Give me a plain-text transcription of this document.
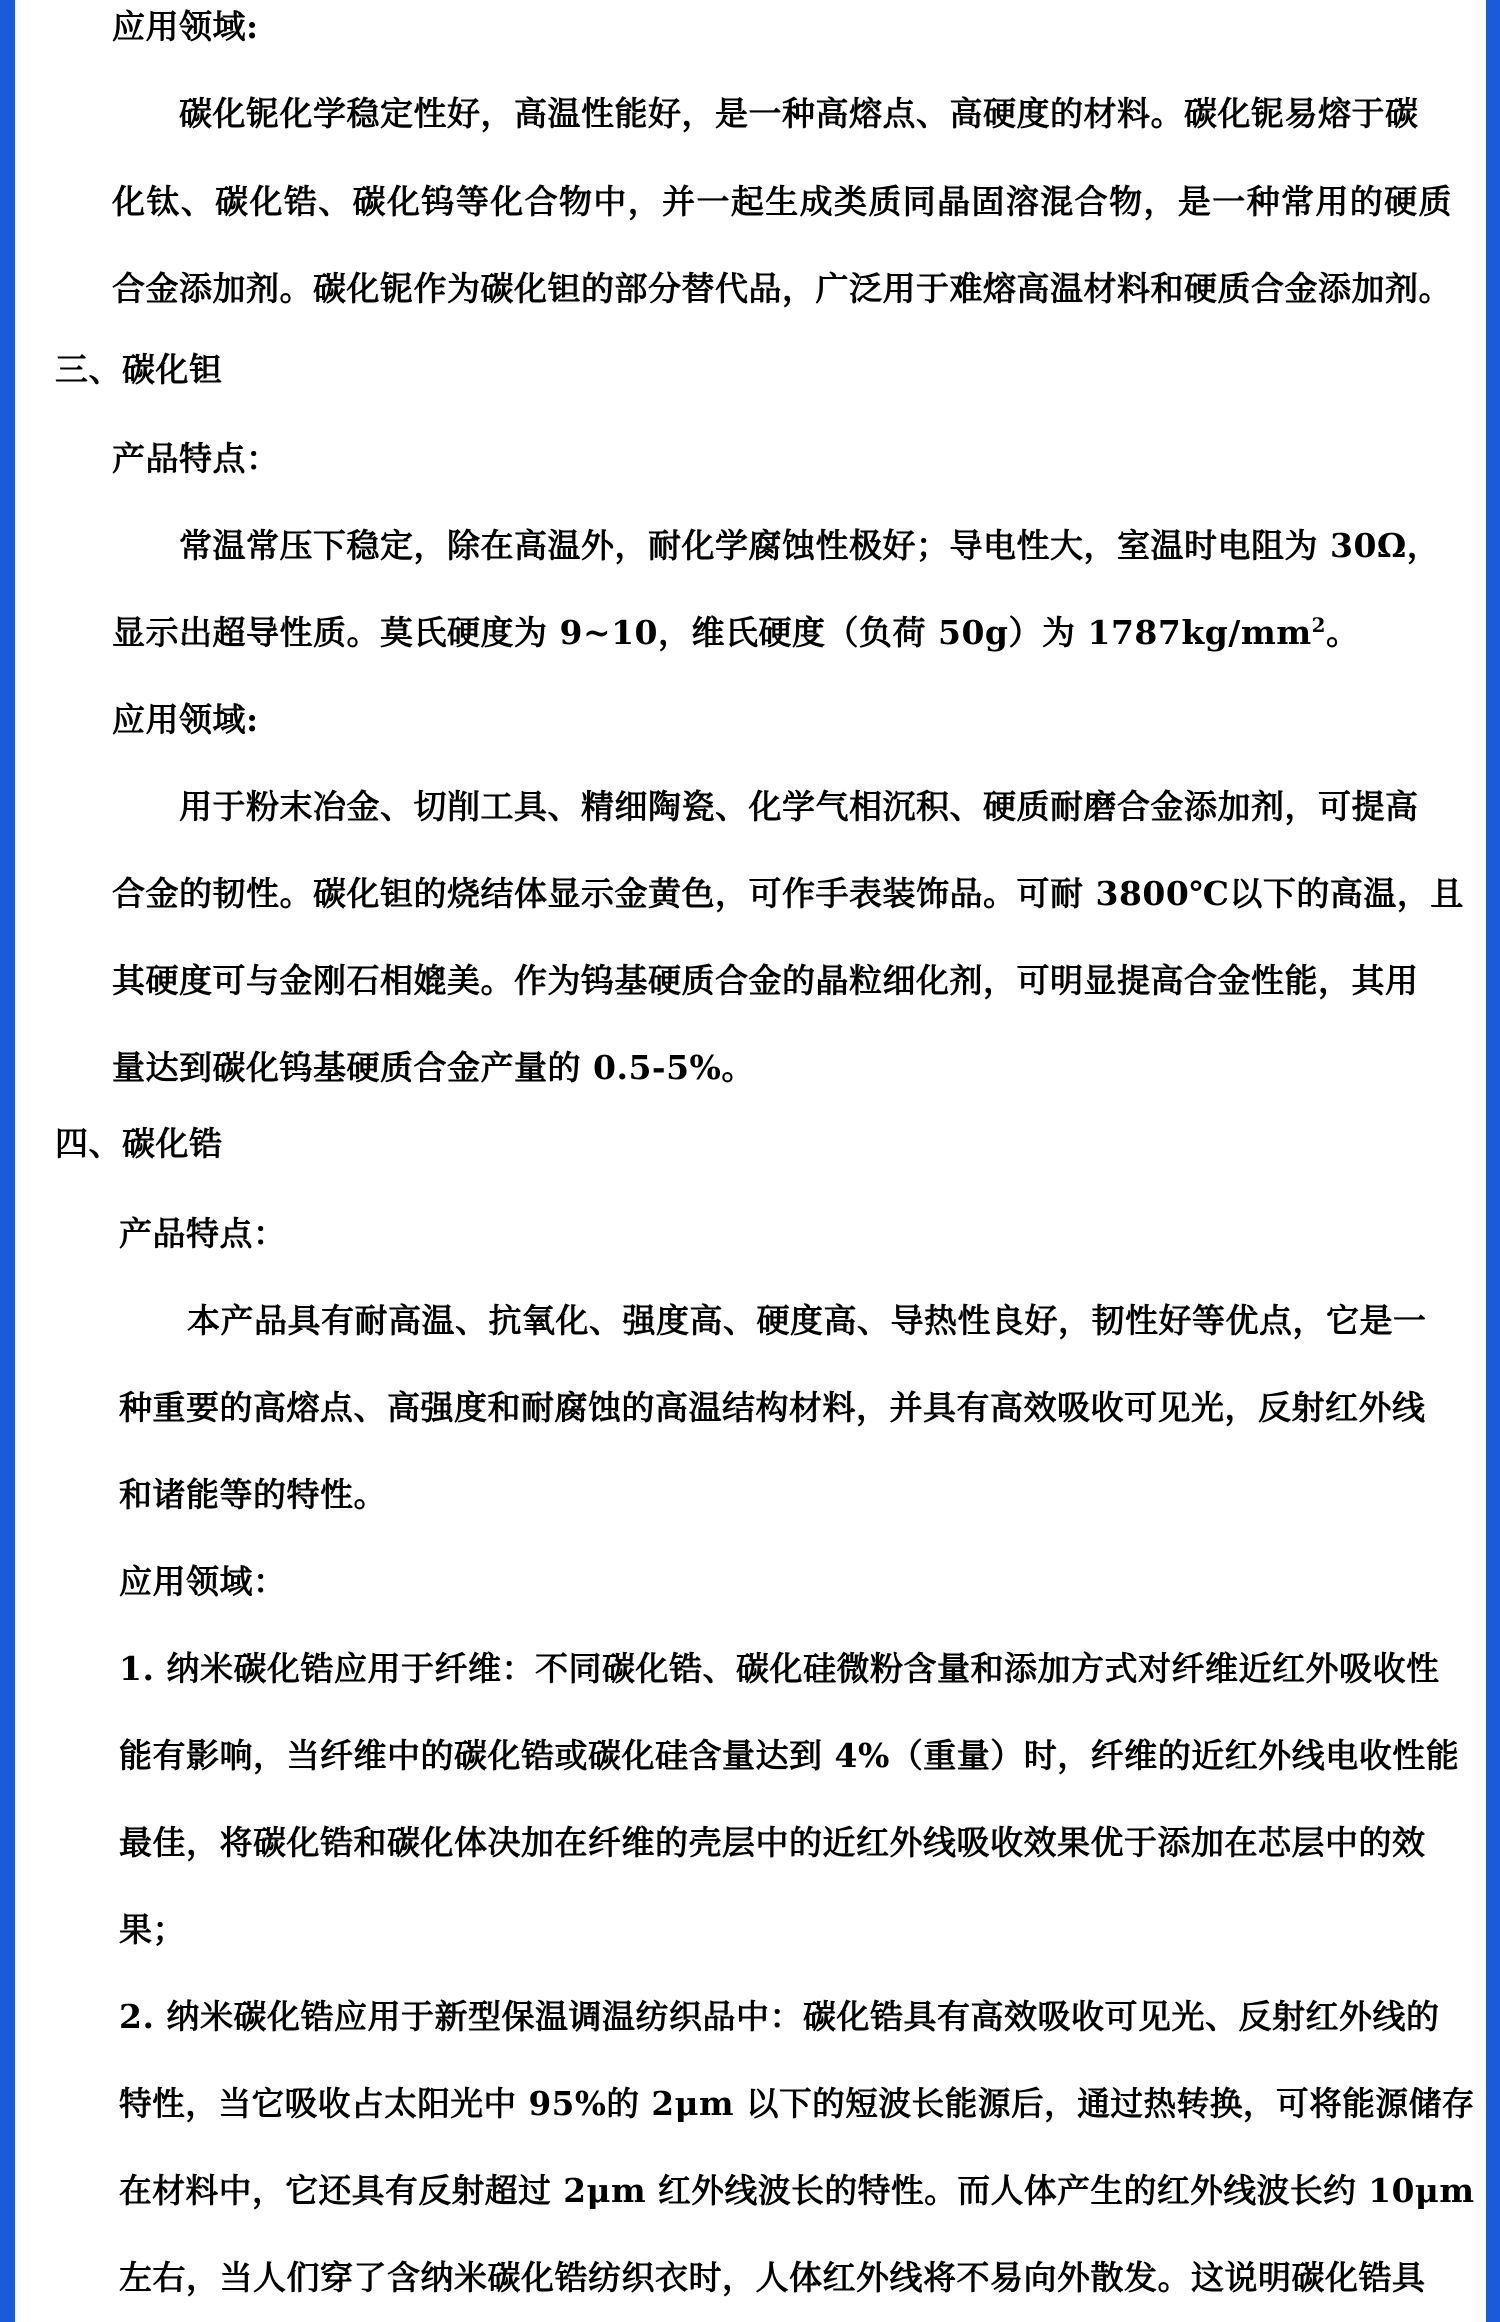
应用领域:
碳化铌化学稳定性好，高温性能好，是一种高熔点、高硬度的材料。碳化铌易熔于碳
化钛、碳化锆、碳化钨等化合物中，并一起生成类质同晶固溶混合物，是一种常用的硬质
合金添加剂。碳化铌作为碳化钽的部分替代品，广泛用于难熔高温材料和硬质合金添加剂。
三、碳化钽
产品特点：
常温常压下稳定，除在高温外，耐化学腐蚀性极好；导电性大，室温时电阻为 30Ω，
显示出超导性质。莫氏硬度为 9~10，维氏硬度（负荷 50g）为 $1787kg/mm^2$。
应用领域:
用于粉末冶金、切削工具、精细陶瓷、化学气相沉积、硬质耐磨合金添加剂，可提高
合金的韧性。碳化钽的烧结体显示金黄色，可作手表装饰品。可耐 3800℃以下的高温，且
其硬度可与金刚石相媲美。作为钨基硬质合金的晶粒细化剂，可明显提高合金性能，其用
量达到碳化钨基硬质合金产量的 0.5-5%。
四、碳化锆
产品特点：
本产品具有耐高温、抗氧化、强度高、硬度高、导热性良好，韧性好等优点，它是一
种重要的高熔点、高强度和耐腐蚀的高温结构材料，并具有高效吸收可见光，反射红外线
和诸能等的特性。
应用领域：
1. 纳米碳化锆应用于纤维：不同碳化锆、碳化硅微粉含量和添加方式对纤维近红外吸收性
能有影响，当纤维中的碳化锆或碳化硅含量达到 4%（重量）时，纤维的近红外线电收性能
最佳，将碳化锆和碳化体决加在纤维的壳层中的近红外线吸收效果优于添加在芯层中的效
果；
2. 纳米碳化锆应用于新型保温调温纺织品中：碳化锆具有高效吸收可见光、反射红外线的
特性，当它吸收占太阳光中 95%的 2μm 以下的短波长能源后，通过热转换，可将能源储存
在材料中，它还具有反射超过 2μm 红外线波长的特性。而人体产生的红外线波长约 10μm
左右，当人们穿了含纳米碳化锆纺织衣时，人体红外线将不易向外散发。这说明碳化锆具
